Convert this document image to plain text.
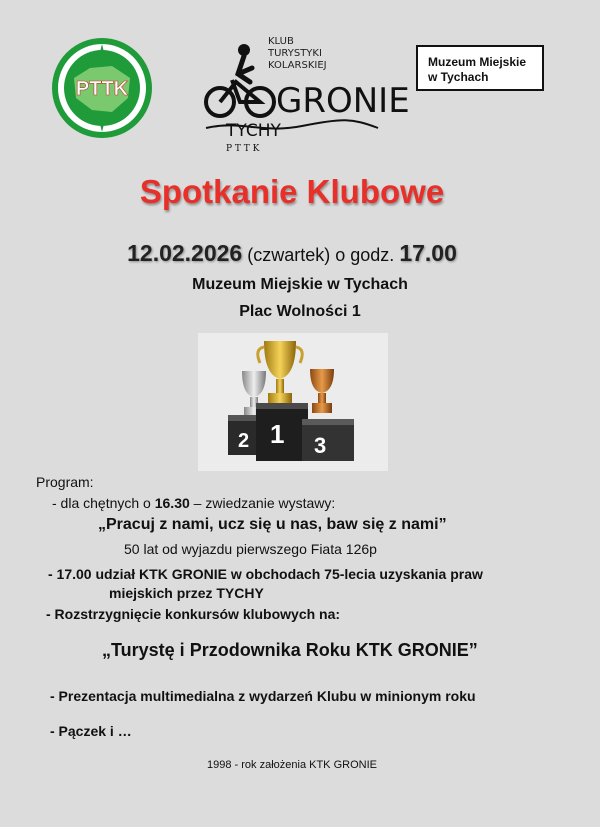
PTTK
KLUB
TURYSTYKI
KOLARSKIEJ
GRONIE
TYCHY
P T T K
Muzeum Miejskie
w Tychach
Spotkanie Klubowe
12.02.2026 (czwartek) o godz. 17.00
Muzeum Miejskie w Tychach
Plac Wolności 1
2 1 3
Program:
- dla chętnych o 16.30 – zwiedzanie wystawy:
„Pracuj z nami, ucz się u nas, baw się z nami”
50 lat od wyjazdu pierwszego Fiata 126p
- 17.00 udział KTK GRONIE w obchodach 75-lecia uzyskania praw
miejskich przez TYCHY
- Rozstrzygnięcie konkursów klubowych na:
„Turystę i Przodownika Roku KTK GRONIE”
- Prezentacja multimedialna z wydarzeń Klubu w minionym roku
- Pączek i …
1998 - rok założenia KTK GRONIE
